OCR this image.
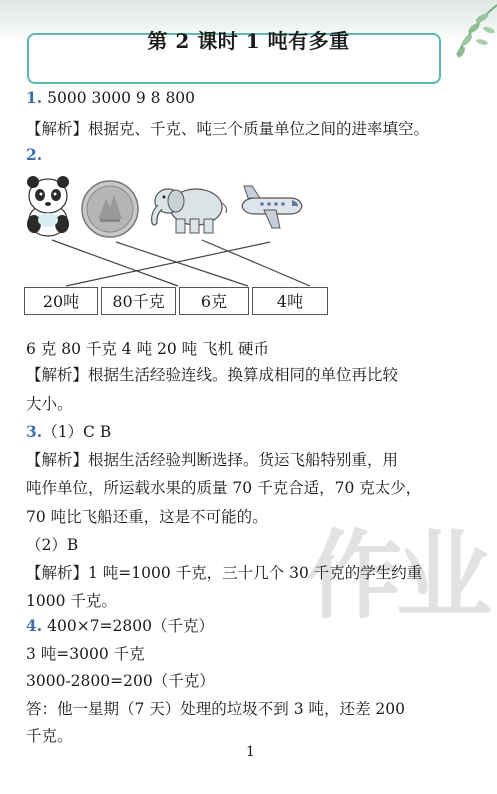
第 2 课时 1 吨有多重
作业
1. 5000 3000 9 8 800
【解析】根据克、千克、吨三个质量单位之间的进率填空。
2.
20吨	80千克	6克	4吨
6 克 80 千克 4 吨 20 吨 飞机 硬币
【解析】根据生活经验连线。换算成相同的单位再比较
大小。
3.（1）C B
【解析】根据生活经验判断选择。货运飞船特别重，用
吨作单位，所运载水果的质量 70 千克合适，70 克太少，
70 吨比飞船还重，这是不可能的。
（2）B
【解析】1 吨=1000 千克，三十几个 30 千克的学生约重
1000 千克。
4. 400×7=2800（千克）
3 吨=3000 千克
3000-2800=200（千克）
答：他一星期（7 天）处理的垃圾不到 3 吨，还差 200
千克。
1
